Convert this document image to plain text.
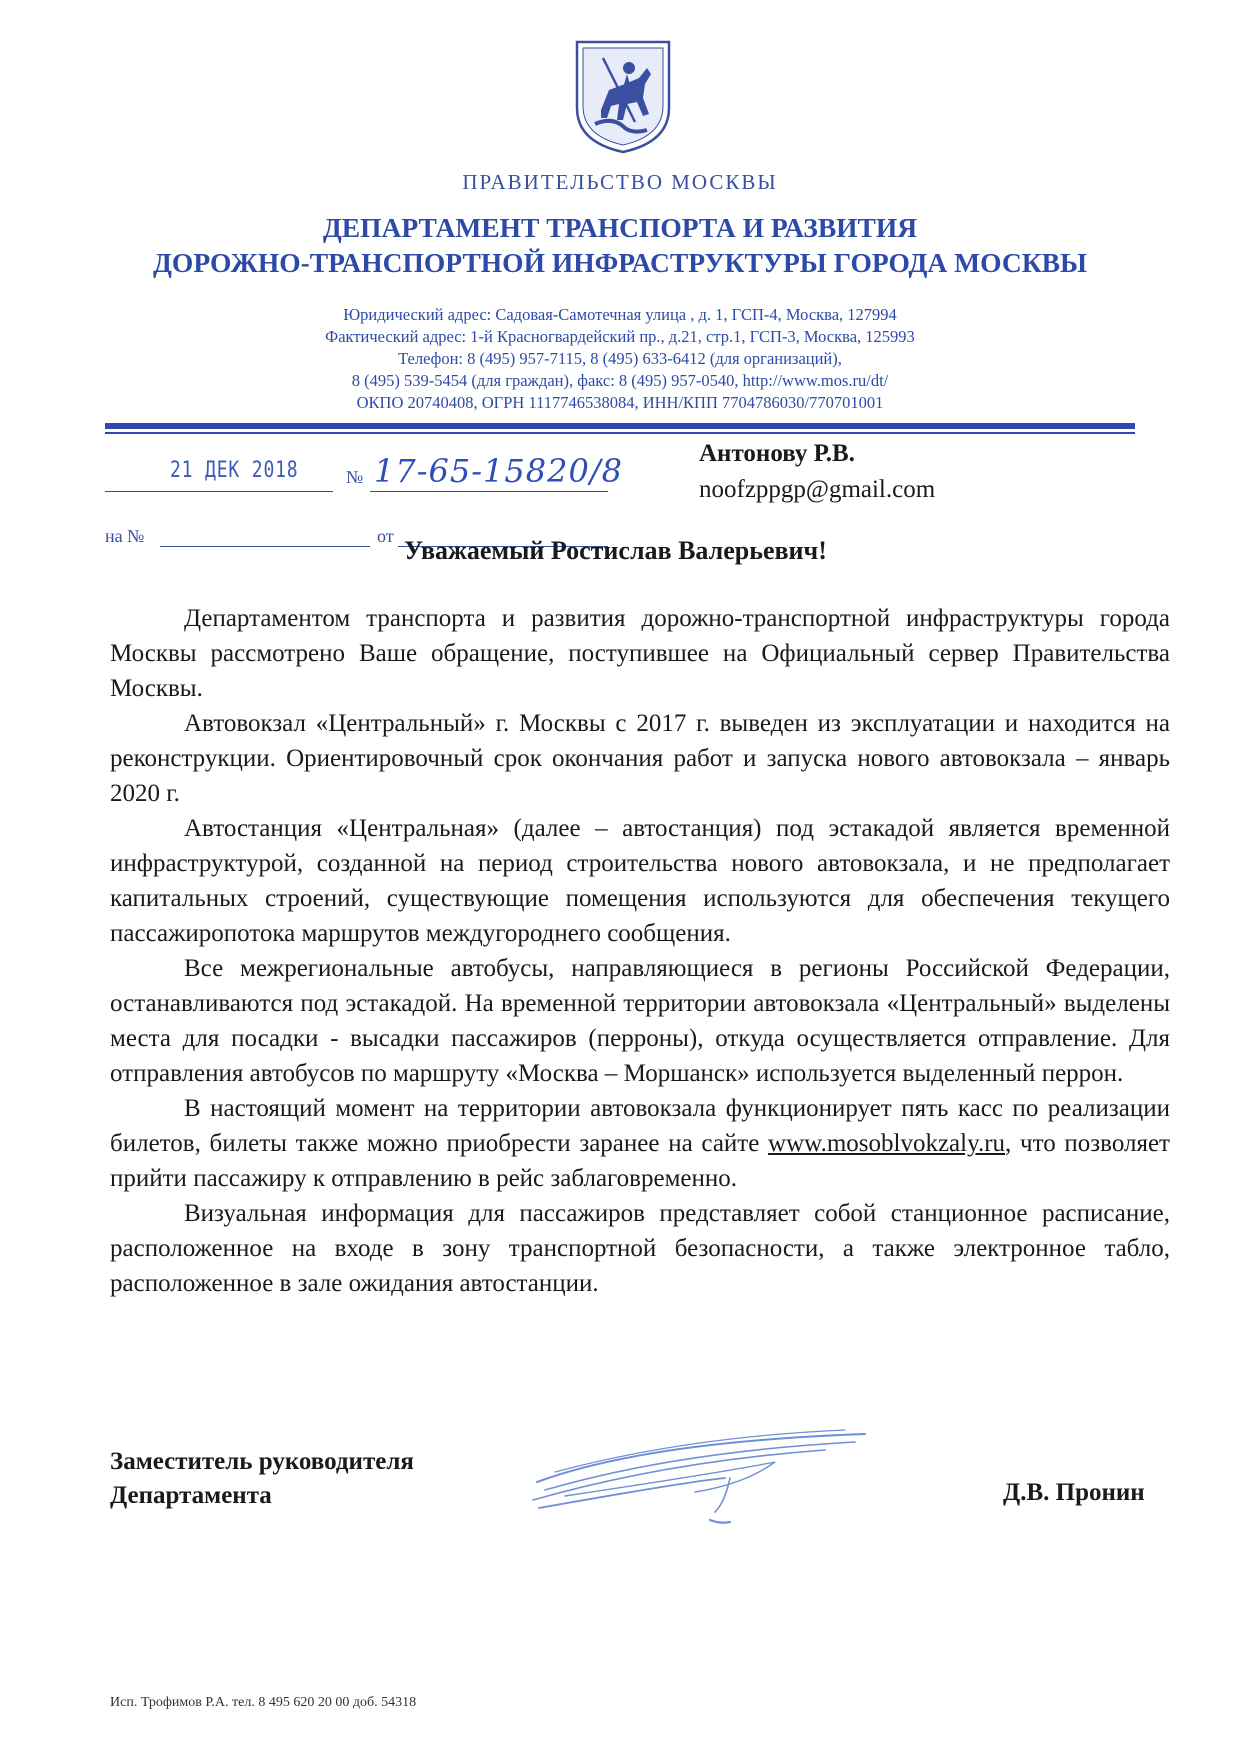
ПРАВИТЕЛЬСТВО МОСКВЫ
ДЕПАРТАМЕНТ ТРАНСПОРТА И РАЗВИТИЯ
ДОРОЖНО-ТРАНСПОРТНОЙ ИНФРАСТРУКТУРЫ ГОРОДА МОСКВЫ
Юридический адрес: Садовая-Самотечная улица , д. 1, ГСП-4, Москва, 127994
Фактический адрес: 1-й Красногвардейский пр., д.21, стр.1, ГСП-3, Москва, 125993
Телефон: 8 (495) 957-7115, 8 (495) 633-6412 (для организаций),
8 (495) 539-5454 (для граждан), факс: 8 (495) 957-0540, http://www.mos.ru/dt/
ОКПО 20740408, ОГРН 1117746538084, ИНН/КПП 7704786030/770701001
21 ДЕК 2018	№ 17-65-15820/8
на №	от
Антонову Р.В.
noofzppgp@gmail.com
Уважаемый Ростислав Валерьевич!

Департаментом транспорта и развития дорожно-транспортной инфраструктуры города Москвы рассмотрено Ваше обращение, поступившее на Официальный сервер Правительства Москвы.

Автовокзал «Центральный» г. Москвы с 2017 г. выведен из эксплуатации и находится на реконструкции. Ориентировочный срок окончания работ и запуска нового автовокзала – январь 2020 г.

Автостанция «Центральная» (далее – автостанция) под эстакадой является временной инфраструктурой, созданной на период строительства нового автовокзала, и не предполагает капитальных строений, существующие помещения используются для обеспечения текущего пассажиропотока маршрутов междугороднего сообщения.

Все межрегиональные автобусы, направляющиеся в регионы Российской Федерации, останавливаются под эстакадой. На временной территории автовокзала «Центральный» выделены места для посадки - высадки пассажиров (перроны), откуда осуществляется отправление. Для отправления автобусов по маршруту «Москва – Моршанск» используется выделенный перрон.

В настоящий момент на территории автовокзала функционирует пять касс по реализации билетов, билеты также можно приобрести заранее на сайте www.mosoblvokzaly.ru, что позволяет прийти пассажиру к отправлению в рейс заблаговременно.

Визуальная информация для пассажиров представляет собой станционное расписание, расположенное на входе в зону транспортной безопасности, а также электронное табло, расположенное в зале ожидания автостанции.

Заместитель руководителя
Департамента	Д.В. Пронин
Исп. Трофимов Р.А. тел. 8 495 620 20 00 доб. 54318
